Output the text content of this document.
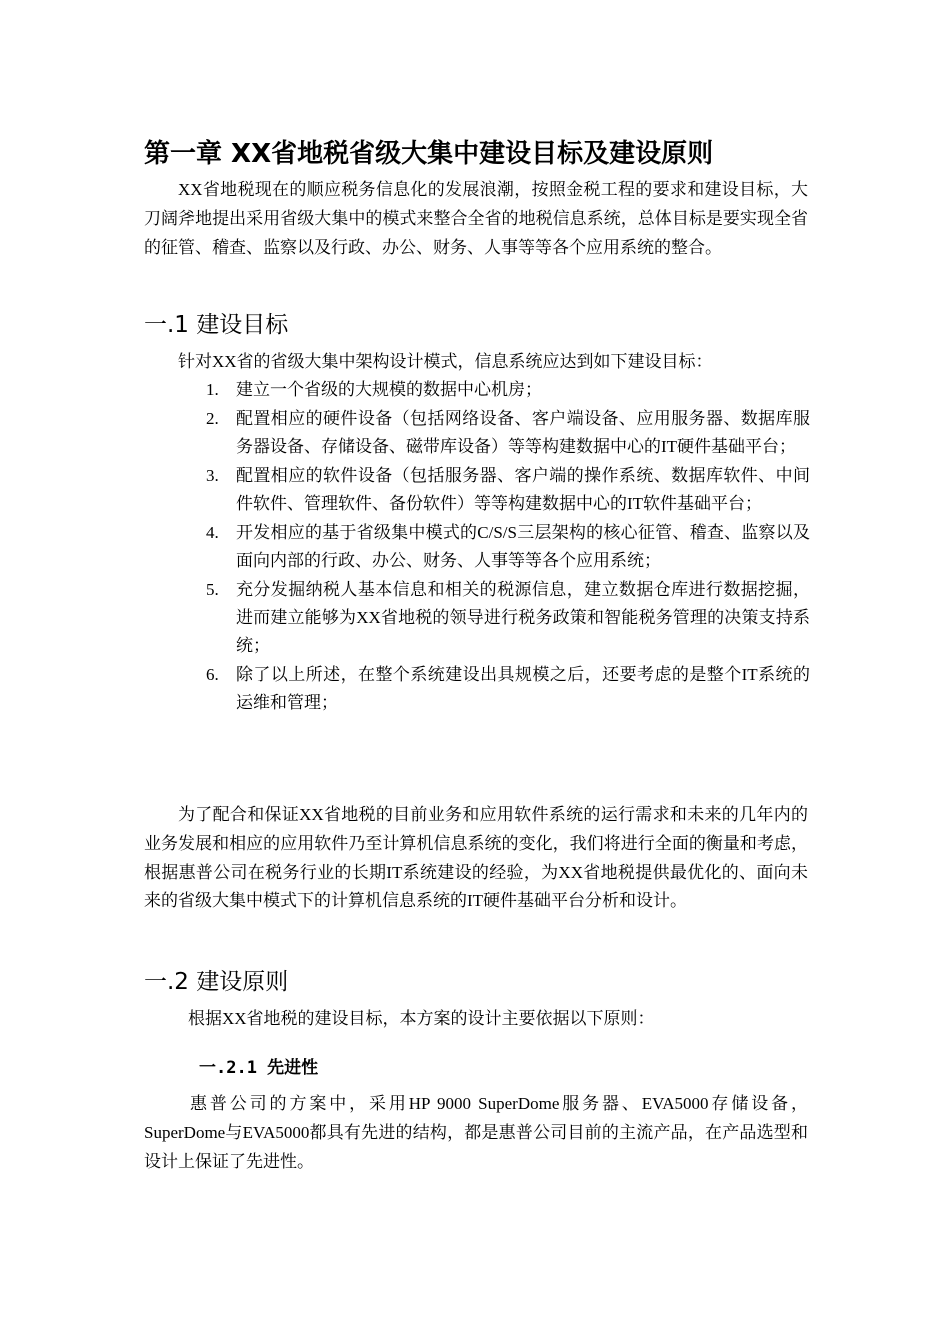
第一章 XX省地税省级大集中建设目标及建设原则

XX省地税现在的顺应税务信息化的发展浪潮，按照金税工程的要求和建设目标，大刀阔斧地提出采用省级大集中的模式来整合全省的地税信息系统，总体目标是要实现全省的征管、稽查、监察以及行政、办公、财务、人事等等各个应用系统的整合。

一.1 建设目标

针对XX省的省级大集中架构设计模式，信息系统应达到如下建设目标：

1. 建立一个省级的大规模的数据中心机房；
2. 配置相应的硬件设备（包括网络设备、客户端设备、应用服务器、数据库服务器设备、存储设备、磁带库设备）等等构建数据中心的IT硬件基础平台；
3. 配置相应的软件设备（包括服务器、客户端的操作系统、数据库软件、中间件软件、管理软件、备份软件）等等构建数据中心的IT软件基础平台；
4. 开发相应的基于省级集中模式的C/S/S三层架构的核心征管、稽查、监察以及面向内部的行政、办公、财务、人事等等各个应用系统；
5. 充分发掘纳税人基本信息和相关的税源信息，建立数据仓库进行数据挖掘，进而建立能够为XX省地税的领导进行税务政策和智能税务管理的决策支持系统；
6. 除了以上所述，在整个系统建设出具规模之后，还要考虑的是整个IT系统的运维和管理；

为了配合和保证XX省地税的目前业务和应用软件系统的运行需求和未来的几年内的业务发展和相应的应用软件乃至计算机信息系统的变化，我们将进行全面的衡量和考虑，根据惠普公司在税务行业的长期IT系统建设的经验，为XX省地税提供最优化的、面向未来的省级大集中模式下的计算机信息系统的IT硬件基础平台分析和设计。

一.2 建设原则

根据XX省地税的建设目标，本方案的设计主要依据以下原则：

一.2.1 先进性

惠普公司的方案中，采用HP 9000 SuperDome服务器、EVA5000存储设备，SuperDome与EVA5000都具有先进的结构，都是惠普公司目前的主流产品，在产品选型和设计上保证了先进性。
